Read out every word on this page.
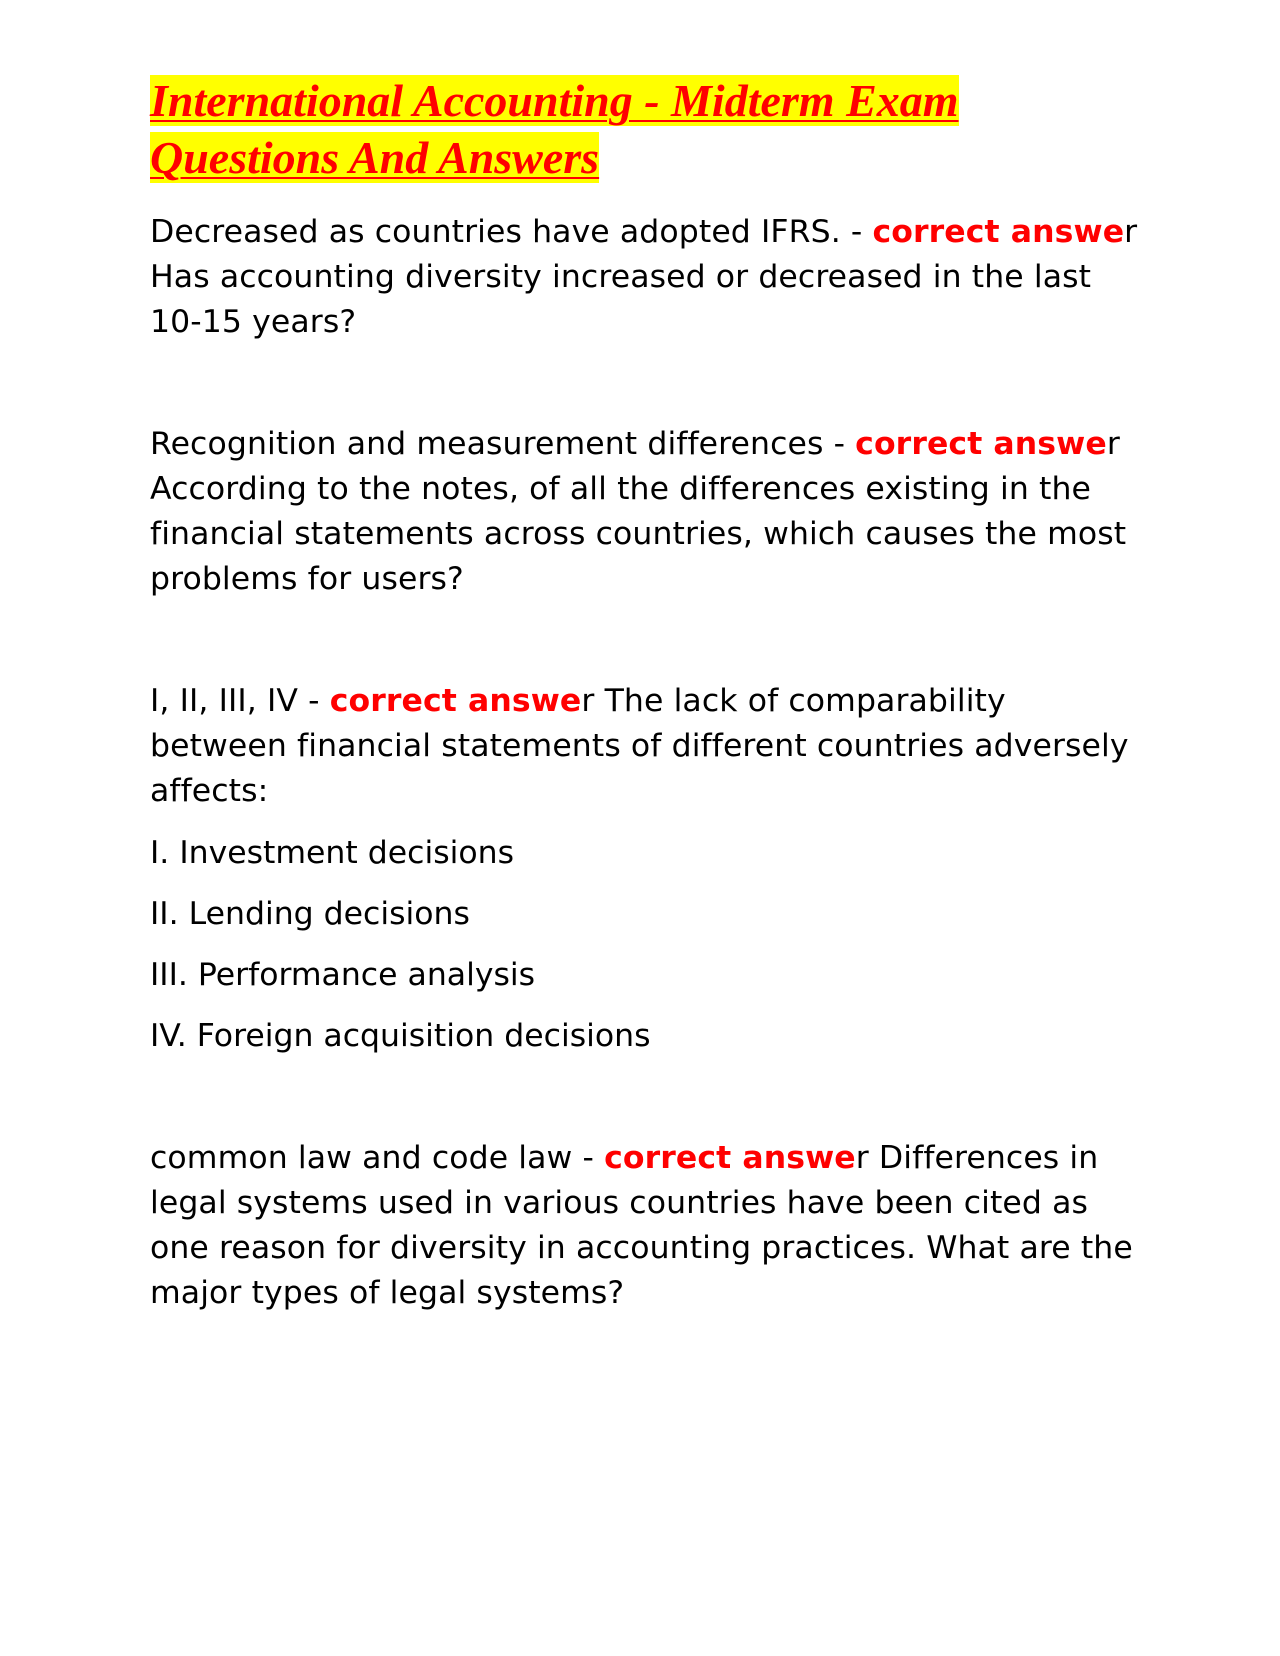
International Accounting - Midterm Exam
Questions And Answers

Decreased as countries have adopted IFRS. - correct answer Has accounting diversity increased or decreased in the last 10-15 years?

Recognition and measurement differences - correct answer According to the notes, of all the differences existing in the financial statements across countries, which causes the most problems for users?

I, II, III, IV - correct answer The lack of comparability between financial statements of different countries adversely affects:

I. Investment decisions

II. Lending decisions

III. Performance analysis

IV. Foreign acquisition decisions

common law and code law - correct answer Differences in legal systems used in various countries have been cited as one reason for diversity in accounting practices. What are the major types of legal systems?
